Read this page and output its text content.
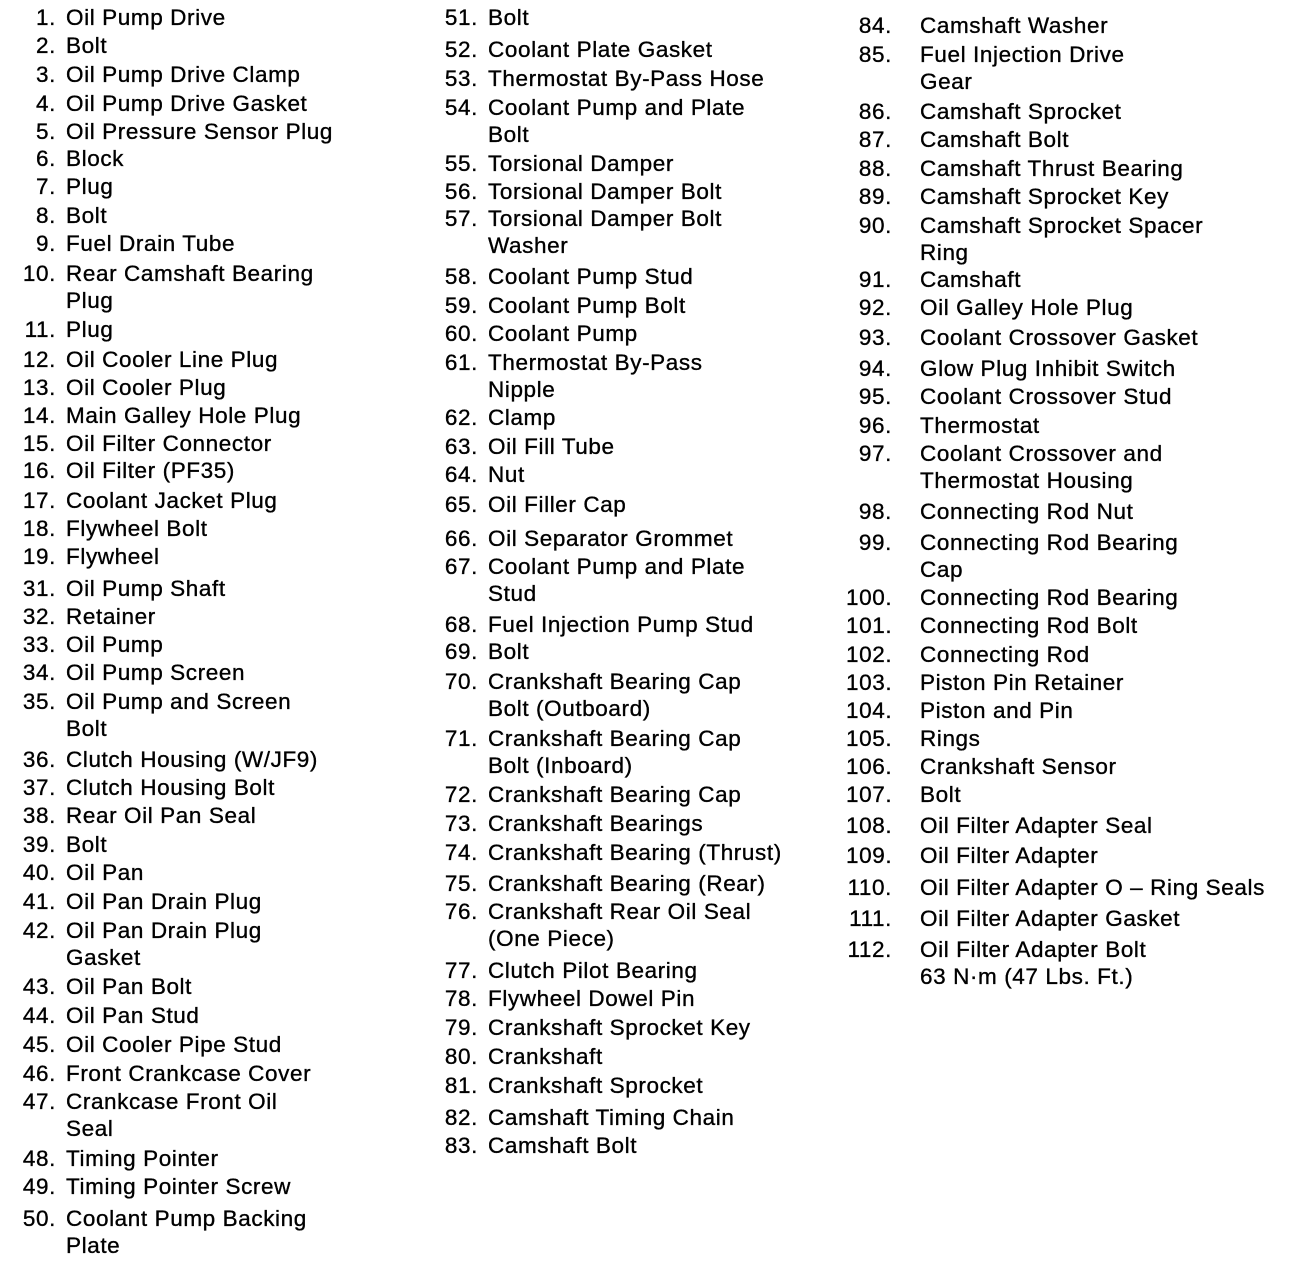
1. Oil Pump Drive
2. Bolt
3. Oil Pump Drive Clamp
4. Oil Pump Drive Gasket
5. Oil Pressure Sensor Plug
6. Block
7. Plug
8. Bolt
9. Fuel Drain Tube
10. Rear Camshaft Bearing
Plug
11. Plug
12. Oil Cooler Line Plug
13. Oil Cooler Plug
14. Main Galley Hole Plug
15. Oil Filter Connector
16. Oil Filter (PF35)
17. Coolant Jacket Plug
18. Flywheel Bolt
19. Flywheel
31. Oil Pump Shaft
32. Retainer
33. Oil Pump
34. Oil Pump Screen
35. Oil Pump and Screen
Bolt
36. Clutch Housing (W/JF9)
37. Clutch Housing Bolt
38. Rear Oil Pan Seal
39. Bolt
40. Oil Pan
41. Oil Pan Drain Plug
42. Oil Pan Drain Plug
Gasket
43. Oil Pan Bolt
44. Oil Pan Stud
45. Oil Cooler Pipe Stud
46. Front Crankcase Cover
47. Crankcase Front Oil
Seal
48. Timing Pointer
49. Timing Pointer Screw
50. Coolant Pump Backing
Plate
51. Bolt
52. Coolant Plate Gasket
53. Thermostat By-Pass Hose
54. Coolant Pump and Plate
Bolt
55. Torsional Damper
56. Torsional Damper Bolt
57. Torsional Damper Bolt
Washer
58. Coolant Pump Stud
59. Coolant Pump Bolt
60. Coolant Pump
61. Thermostat By-Pass
Nipple
62. Clamp
63. Oil Fill Tube
64. Nut
65. Oil Filler Cap
66. Oil Separator Grommet
67. Coolant Pump and Plate
Stud
68. Fuel Injection Pump Stud
69. Bolt
70. Crankshaft Bearing Cap
Bolt (Outboard)
71. Crankshaft Bearing Cap
Bolt (Inboard)
72. Crankshaft Bearing Cap
73. Crankshaft Bearings
74. Crankshaft Bearing (Thrust)
75. Crankshaft Bearing (Rear)
76. Crankshaft Rear Oil Seal
(One Piece)
77. Clutch Pilot Bearing
78. Flywheel Dowel Pin
79. Crankshaft Sprocket Key
80. Crankshaft
81. Crankshaft Sprocket
82. Camshaft Timing Chain
83. Camshaft Bolt
84. Camshaft Washer
85. Fuel Injection Drive
Gear
86. Camshaft Sprocket
87. Camshaft Bolt
88. Camshaft Thrust Bearing
89. Camshaft Sprocket Key
90. Camshaft Sprocket Spacer
Ring
91. Camshaft
92. Oil Galley Hole Plug
93. Coolant Crossover Gasket
94. Glow Plug Inhibit Switch
95. Coolant Crossover Stud
96. Thermostat
97. Coolant Crossover and
Thermostat Housing
98. Connecting Rod Nut
99. Connecting Rod Bearing
Cap
100. Connecting Rod Bearing
101. Connecting Rod Bolt
102. Connecting Rod
103. Piston Pin Retainer
104. Piston and Pin
105. Rings
106. Crankshaft Sensor
107. Bolt
108. Oil Filter Adapter Seal
109. Oil Filter Adapter
110. Oil Filter Adapter O – Ring Seals
111. Oil Filter Adapter Gasket
112. Oil Filter Adapter Bolt
63 N·m (47 Lbs. Ft.)
